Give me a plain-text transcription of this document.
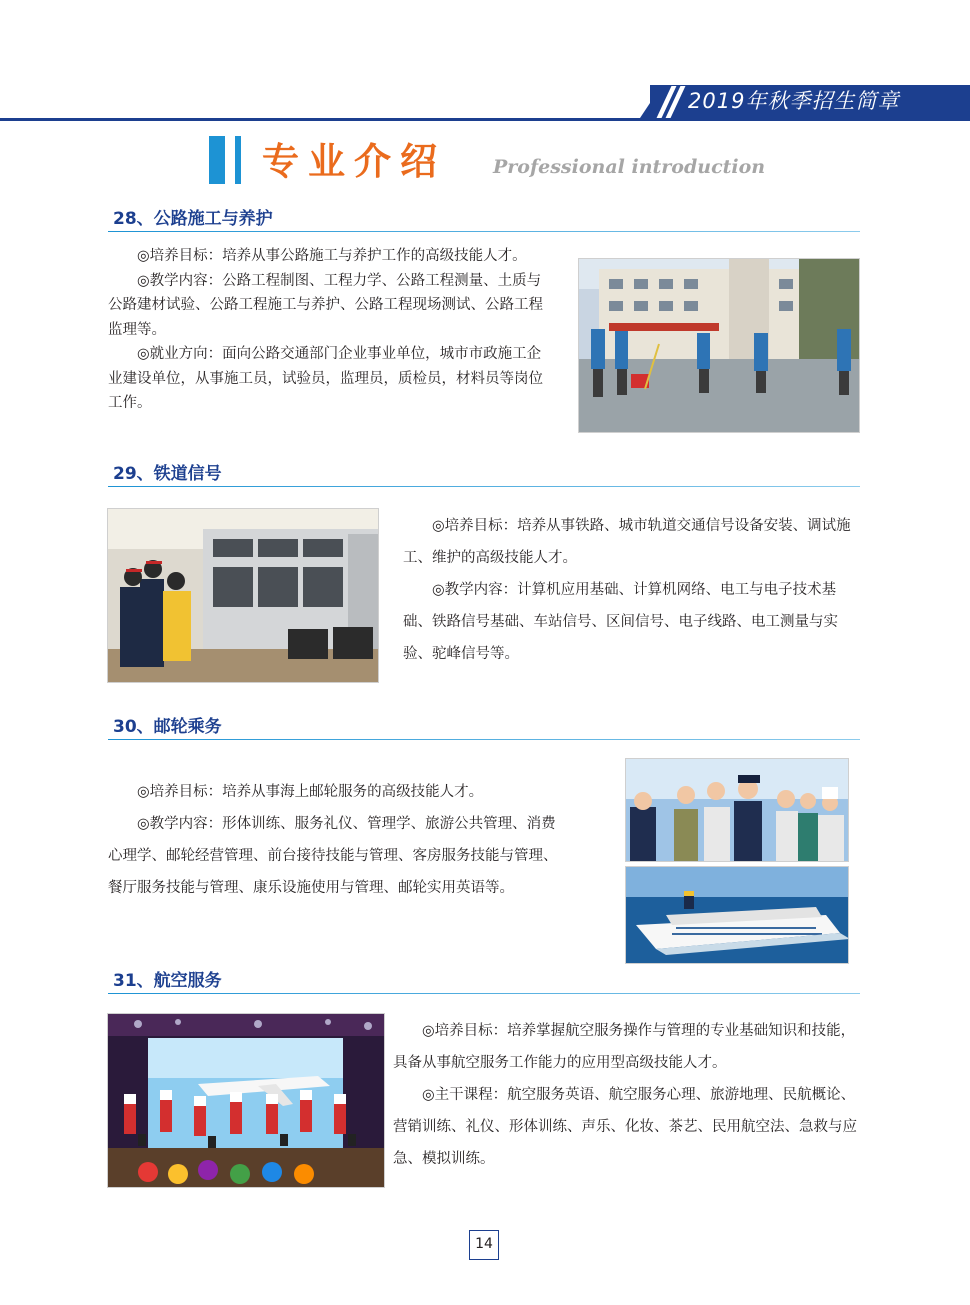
2019年秋季招生简章
专业介绍 Professional introduction
28、公路施工与养护

◎培养目标：培养从事公路施工与养护工作的高级技能人才。

◎教学内容：公路工程制图、工程力学、公路工程测量、土质与公路建材试验、公路工程施工与养护、公路工程现场测试、公路工程监理等。

◎就业方向：面向公路交通部门企业事业单位，城市市政施工企业建设单位，从事施工员，试验员，监理员，质检员，材料员等岗位工作。

29、铁道信号

◎培养目标：培养从事铁路、城市轨道交通信号设备安装、调试施工、维护的高级技能人才。

◎教学内容：计算机应用基础、计算机网络、电工与电子技术基础、铁路信号基础、车站信号、区间信号、电子线路、电工测量与实验、驼峰信号等。

30、邮轮乘务

◎培养目标：培养从事海上邮轮服务的高级技能人才。

◎教学内容：形体训练、服务礼仪、管理学、旅游公共管理、消费心理学、邮轮经营管理、前台接待技能与管理、客房服务技能与管理、餐厅服务技能与管理、康乐设施使用与管理、邮轮实用英语等。

31、航空服务

◎培养目标：培养掌握航空服务操作与管理的专业基础知识和技能，具备从事航空服务工作能力的应用型高级技能人才。

◎主干课程：航空服务英语、航空服务心理、旅游地理、民航概论、营销训练、礼仪、形体训练、声乐、化妆、茶艺、民用航空法、急救与应急、模拟训练。

14
